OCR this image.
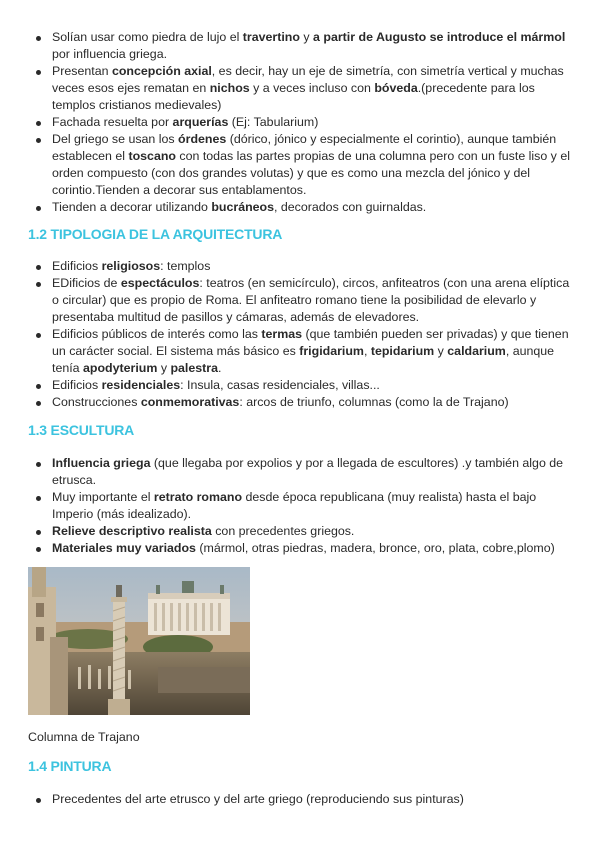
Solían usar como piedra de lujo el travertino y a partir de Augusto se introduce el mármol por influencia griega.
Presentan concepción axial, es decir, hay un eje de simetría, con simetría vertical y muchas veces esos ejes rematan en nichos y a veces incluso con bóveda.(precedente para los templos cristianos medievales)
Fachada resuelta por arquerías (Ej: Tabularium)
Del griego se usan los órdenes (dórico, jónico y especialmente el corintio), aunque también establecen el toscano con todas las partes propias de una columna pero con un fuste liso y el orden compuesto (con dos grandes volutas) y que es como una mezcla del jónico y del corintio.Tienden a decorar sus entablamentos.
Tienden a decorar utilizando bucráneos, decorados con guirnaldas.
1.2 TIPOLOGIA DE LA ARQUITECTURA
Edificios religiosos: templos
EDificios de espectáculos: teatros (en semicírculo), circos, anfiteatros (con una arena elíptica o circular) que es propio de Roma. El anfiteatro romano tiene la posibilidad de elevarlo y presentaba multitud de pasillos y cámaras, además de elevadores.
Edificios públicos de interés como las termas (que también pueden ser privadas) y que tienen un carácter social. El sistema más básico es frigidarium, tepidarium y caldarium, aunque tenía apodyterium y palestra.
Edificios residenciales: Insula, casas residenciales, villas...
Construcciones conmemorativas: arcos de triunfo, columnas (como la de Trajano)
1.3 ESCULTURA
Influencia griega (que llegaba por expolios y por a llegada de escultores) .y también algo de etrusca.
Muy importante el retrato romano desde época republicana (muy realista) hasta el bajo Imperio (más idealizado).
Relieve descriptivo realista con precedentes griegos.
Materiales muy variados (mármol, otras piedras, madera, bronce, oro, plata, cobre,plomo)
Columna de Trajano
1.4 PINTURA
Precedentes del arte etrusco y del arte griego (reproduciendo sus pinturas)
